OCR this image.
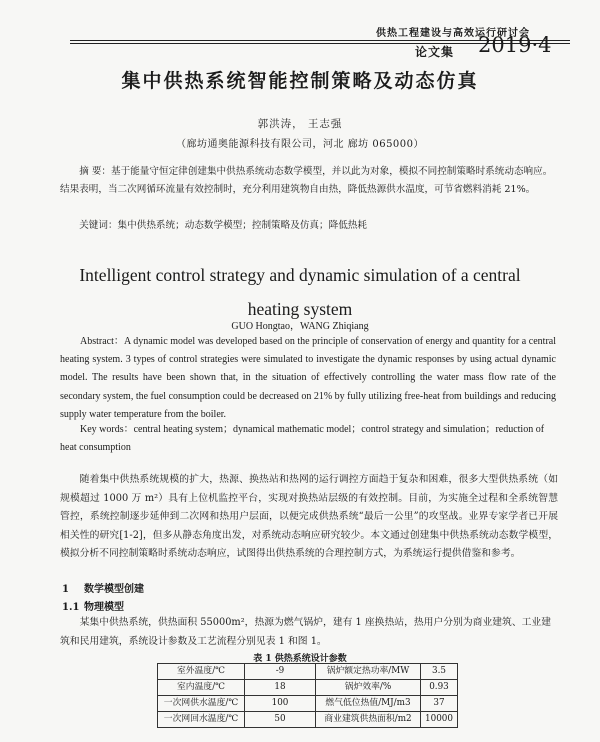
供热工程建设与高效运行研讨会
论文集 2019·4
集中供热系统智能控制策略及动态仿真
郭洪涛， 王志强
（廊坊通奥能源科技有限公司，河北 廊坊 065000）
摘 要：基于能量守恒定律创建集中供热系统动态数学模型，并以此为对象，模拟不同控制策略时系统动态响应。结果表明，当二次网循环流量有效控制时，充分利用建筑物自由热，降低热源供水温度，可节省燃料消耗 21%。
关键词：集中供热系统；动态数学模型；控制策略及仿真；降低热耗
Intelligent control strategy and dynamic simulation of a central heating system
GUO Hongtao，WANG Zhiqiang
Abstract：A dynamic model was developed based on the principle of conservation of energy and quantity for a central heating system. 3 types of control strategies were simulated to investigate the dynamic responses by using actual dynamic model. The results have been shown that, in the situation of effectively controlling the water mass flow rate of the secondary system, the fuel consumption could be decreased on 21% by fully utilizing free-heat from buildings and reducing supply water temperature from the boiler.
Key words：central heating system；dynamical mathematic model；control strategy and simulation；reduction of heat consumption
随着集中供热系统规模的扩大，热源、换热站和热网的运行调控方面趋于复杂和困难，很多大型供热系统（如规模超过 1000 万 m²）具有上位机监控平台，实现对换热站层级的有效控制。目前，为实施全过程和全系统智慧管控，系统控制逐步延伸到二次网和热用户层面，以便完成供热系统“最后一公里”的攻坚战。业界专家学者已开展相关性的研究[1-2]，但多从静态角度出发，对系统动态响应研究较少。本文通过创建集中供热系统动态数学模型，模拟分析不同控制策略时系统动态响应，试图得出供热系统的合理控制方式，为系统运行提供借鉴和参考。
1 数学模型创建
1.1 物理模型
某集中供热系统，供热面积 55000m²，热源为燃气锅炉，建有 1 座换热站，热用户分别为商业建筑、工业建筑和民用建筑，系统设计参数及工艺流程分别见表 1 和图 1。
表 1 供热系统设计参数
室外温度/℃	-9	锅炉额定热功率/MW	3.5
室内温度/℃	18	锅炉效率/%	0.93
一次网供水温度/℃	100	燃气低位热值/MJ/m3	37
一次网回水温度/℃	50	商业建筑供热面积/m2	10000
